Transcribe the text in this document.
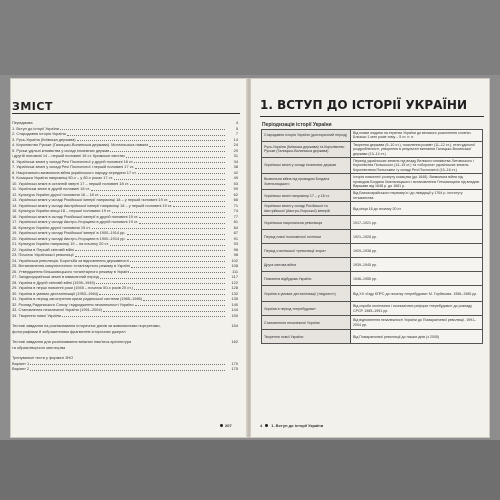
ЗМІСТ
Передмова	4
1. Вступ до історії України	5
2. Стародавня історія України	7
3. Русь-Україна (Київська держава)	14
4. Королівство Руське (Галицько-Волинська держава). Монгольська навала	24
5. Руські удільні князівства у складі іноземних держав	29
і другій половині 14 – першій половині 16 ст. Кримське ханство	31
6. Українські землі у складі Речі Посполитої у другій половині 16 ст.	34
7. Українські землі у складі Речі Посполитої і першій половині 17 ст.	38
8. Національно-визвольна війна українського народу середини 17 ст.	42
9. Козацька Україна наприкінці 50-х – у 80-х роках 17 ст.	49
10. Українські землі в останній чверті 17 – першій половині 18 ст.	53
11. Українські землі в другій половині 18 ст.	59
12. Культура України другої половини 16 – 18 ст.	62
13. Українські землі у складі Російської імперії наприкінці 18 – у першій половині 19 ст.	66
14. Українські землі у складі Австрійської імперії наприкінці 18 – у першій половині 19 ст.	71
15. Культура України кінця 18 – першої половини 19 ст.	74
16. Українські землі в складі Російської імперії в другій половині 19 ст.	77
17. Українські землі у складі Австро-Угорщини в другій половині 19 ст.	81
18. Культура України другої половини 19 ст.	84
19. Українські землі у складі Російської імперії в 1900–1914 рр.	87
20. Українські землі у складі Австро-Угорщини в 1900–1914 рр.	91
21. Культура України наприкінці 19 – на початку 20 ст.	93
22. Україна в Першій світовій війні	96
23. Початок Української революції	98
24. Українська революція. Боротьба за відновлення державності	102
25. Встановлення комуністичного тоталітарного режиму в Україні	108
26. Утвердження більшовицького тоталітарного режиму в Україні	111
27. Західноукраїнські землі в міжвоєнний період	117
28. Україна в Другій світовій війні (1939–1945)	122
29. Україна в перші повоєнні роки (1945 – початок 50-х років 20 ст.)	128
30. Україна в умовах десталінізації (1953–1964)	132
31. Україна в період загострення кризи радянської системи (1965–1985)	135
32. Розпад Радянського Союзу і відродження незалежності України	140
33. Становлення незалежної України (1991–2004)	144
34. Творення нової України	150
Тестові завдання на розпізнавання історичних діячів за живописними портретами,	154
фотографіями й зображеннями фрагментів історичних джерел
Тестові завдання для розпізнавання виїжних пам'яток архітектури	162
та образотворчого мистецтва
Тренувальні тести у форматі ЗНО
Варіант 1	170
Варіант 2	175
207
1. ВСТУП ДО ІСТОРІЇ УКРАЇНИ
Періодизація історії України
Стародавня історія України (доісторичний період)	Від появи людини на теренах України до великого розселення слов'ян. Близько 1 млн років тому – 5 ст. н. е.
Русь-Україна (Київська держава) та Королівство Руське (Галицько-Волинська держава)	Творення держави (9–10 ст.), посилення розквіт (11–12 ст.), етап удільної роздробленості, утворення в результаті вигнання Галицько-Волинської держави (13–14 ст.)
Українські землі у складі іноземних держав	Перехід українських земель під владу Великого князівства Литовського і Королівства Польського (14–15 ст.) та «оборона» українських земель Королівством Польським і у складі Речі Посполитої (15–16 ст.)
Визвольна війна під проводом Богдана Хмельницького	Історія повоєнні і розпуту козацтва (до 1648). Визвольна війна під проводом Богдана Хмельницького і встановлення Гетьманщини під владою Варшави від 1648 р. до 1681 р.
Українські землі наприкінці 17 – у 18 ст.	Від Бахчисарайського перемир'я і до ліквідації у 1764 р. інституту гетьманства
Українські землі у складі Російської та Австрійської (Австро-Угорської) імперій	Від кінця 18 до початку 20 ст.
Українська національна революція	1917–1921 рр.
Період нової економічної політики	1921–1928 рр.
Період сталінської «революції згори»	1929–1938 рр.
Друга світова війна	1939–1945 рр.
Повоєнна відбудова України	1946–1955 рр.
Україна в умовах десталінізації («відлиги»)	Від XX з'їзду КПРС до початку «перебудови» М. Горбачова. 1956–1985 рр.
Україна в період «перебудови»	Від спроби політичних і економічних реформ «перебудови» до розпаду СРСР. 1985–1991 рр.
Становлення незалежної України	Від відновлення незалежності України до Помаранчевої революції. 1991–2004 рр.
Творення нової України	Від Помаранчевої революції до наших днів (з 2005)
4 1. Вступ до історії України
